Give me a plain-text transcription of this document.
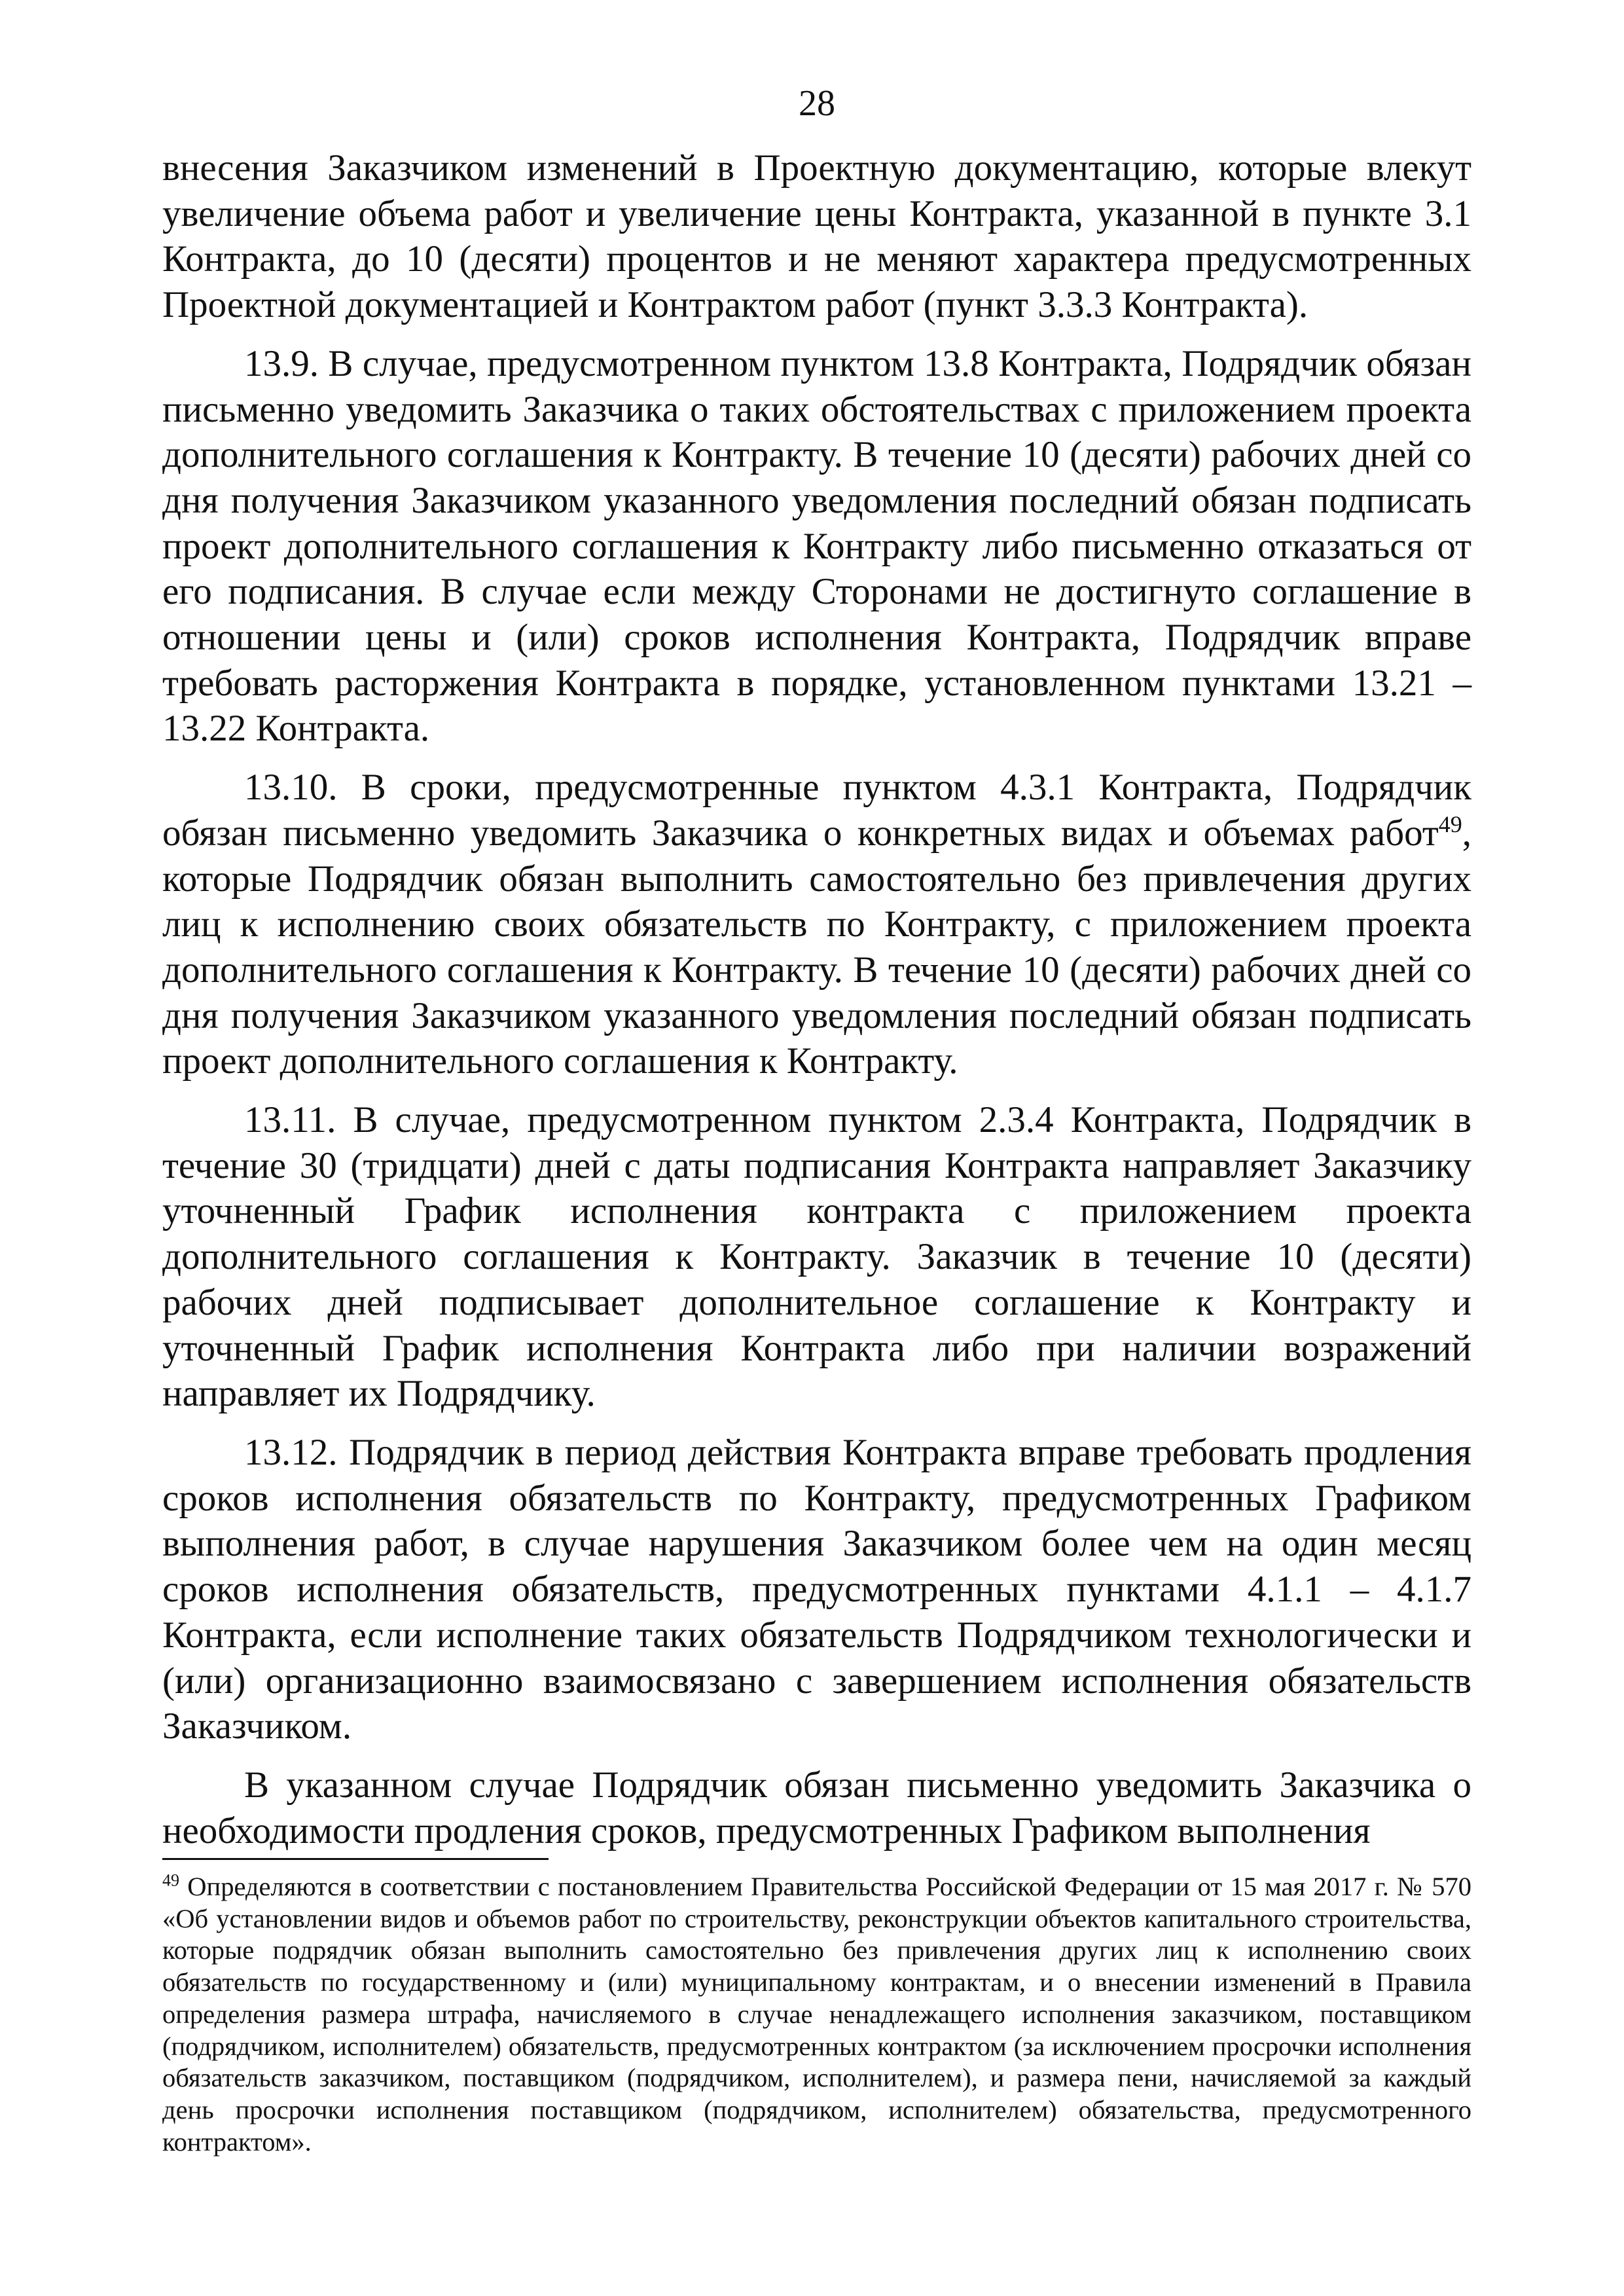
28

внесения Заказчиком изменений в Проектную документацию, которые влекут увеличение объема работ и увеличение цены Контракта, указанной в пункте 3.1 Контракта, до 10 (десяти) процентов и не меняют характера предусмотренных Проектной документацией и Контрактом работ (пункт 3.3.3 Контракта).

13.9. В случае, предусмотренном пунктом 13.8 Контракта, Подрядчик обязан письменно уведомить Заказчика о таких обстоятельствах с приложением проекта дополнительного соглашения к Контракту. В течение 10 (десяти) рабочих дней со дня получения Заказчиком указанного уведомления последний обязан подписать проект дополнительного соглашения к Контракту либо письменно отказаться от его подписания. В случае если между Сторонами не достигнуто соглашение в отношении цены и (или) сроков исполнения Контракта, Подрядчик вправе требовать расторжения Контракта в порядке, установленном пунктами 13.21 – 13.22 Контракта.

13.10. В сроки, предусмотренные пунктом 4.3.1 Контракта, Подрядчик обязан письменно уведомить Заказчика о конкретных видах и объемах работ$^{49}$, которые Подрядчик обязан выполнить самостоятельно без привлечения других лиц к исполнению своих обязательств по Контракту, с приложением проекта дополнительного соглашения к Контракту. В течение 10 (десяти) рабочих дней со дня получения Заказчиком указанного уведомления последний обязан подписать проект дополнительного соглашения к Контракту.

13.11. В случае, предусмотренном пунктом 2.3.4 Контракта, Подрядчик в течение 30 (тридцати) дней с даты подписания Контракта направляет Заказчику уточненный График исполнения контракта с приложением проекта дополнительного соглашения к Контракту. Заказчик в течение 10 (десяти) рабочих дней подписывает дополнительное соглашение к Контракту и уточненный График исполнения Контракта либо при наличии возражений направляет их Подрядчику.

13.12. Подрядчик в период действия Контракта вправе требовать продления сроков исполнения обязательств по Контракту, предусмотренных Графиком выполнения работ, в случае нарушения Заказчиком более чем на один месяц сроков исполнения обязательств, предусмотренных пунктами 4.1.1 – 4.1.7 Контракта, если исполнение таких обязательств Подрядчиком технологически и (или) организационно взаимосвязано с завершением исполнения обязательств Заказчиком.

В указанном случае Подрядчик обязан письменно уведомить Заказчика о необходимости продления сроков, предусмотренных Графиком выполнения

$^{49}$ Определяются в соответствии с постановлением Правительства Российской Федерации от 15 мая 2017 г. № 570 «Об установлении видов и объемов работ по строительству, реконструкции объектов капитального строительства, которые подрядчик обязан выполнить самостоятельно без привлечения других лиц к исполнению своих обязательств по государственному и (или) муниципальному контрактам, и о внесении изменений в Правила определения размера штрафа, начисляемого в случае ненадлежащего исполнения заказчиком, поставщиком (подрядчиком, исполнителем) обязательств, предусмотренных контрактом (за исключением просрочки исполнения обязательств заказчиком, поставщиком (подрядчиком, исполнителем), и размера пени, начисляемой за каждый день просрочки исполнения поставщиком (подрядчиком, исполнителем) обязательства, предусмотренного контрактом».
